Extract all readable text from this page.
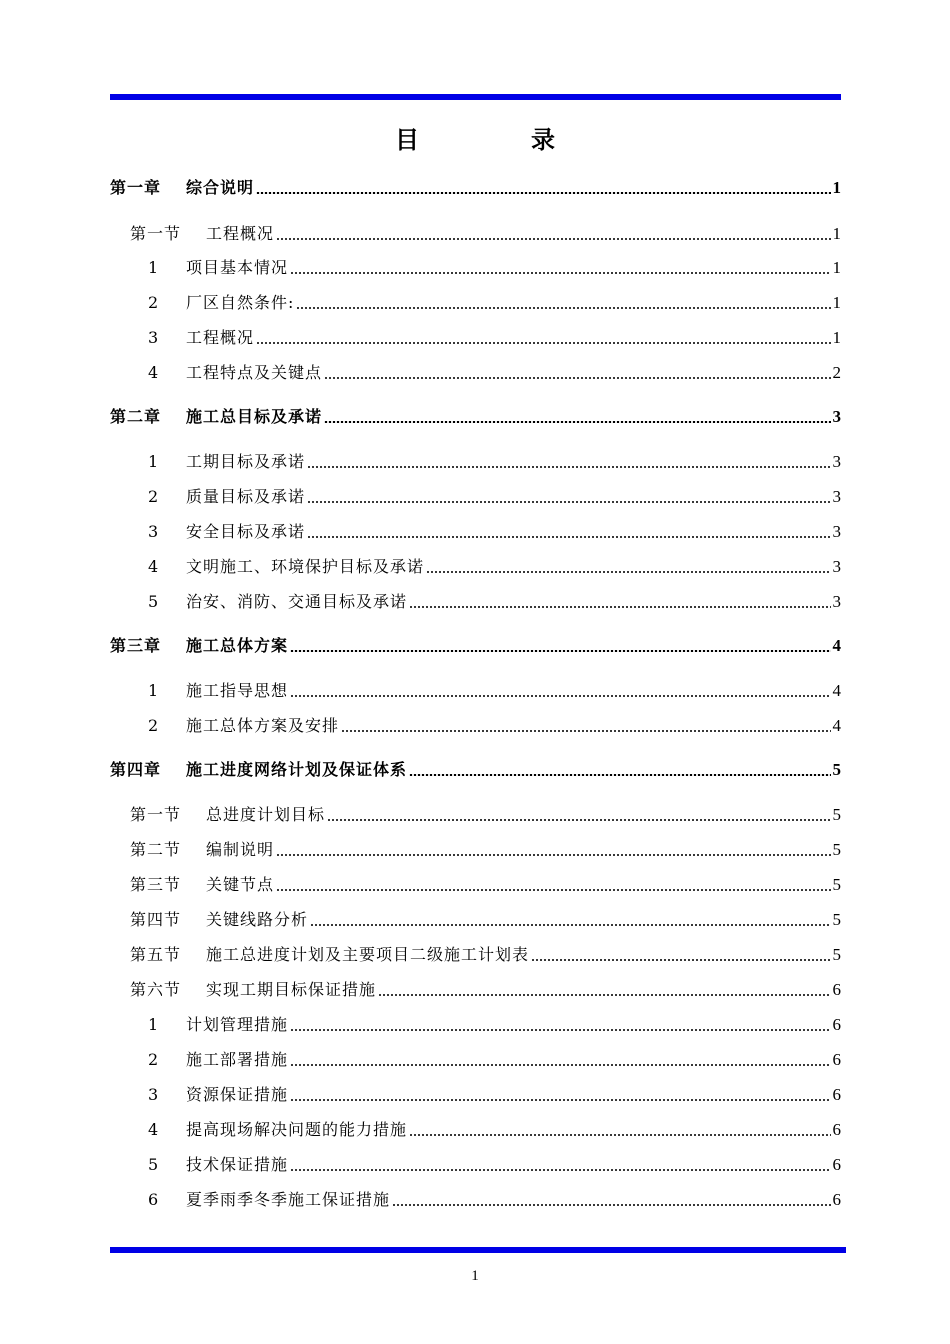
目　录
第一章	综合说明	1
第一节	工程概况	1
1	项目基本情况	1
2	厂区自然条件:	1
3	工程概况	1
4	工程特点及关键点	2
第二章	施工总目标及承诺	3
1	工期目标及承诺	3
2	质量目标及承诺	3
3	安全目标及承诺	3
4	文明施工、环境保护目标及承诺	3
5	治安、消防、交通目标及承诺	3
第三章	施工总体方案	4
1	施工指导思想	4
2	施工总体方案及安排	4
第四章	施工进度网络计划及保证体系	5
第一节	总进度计划目标	5
第二节	编制说明	5
第三节	关键节点	5
第四节	关键线路分析	5
第五节	施工总进度计划及主要项目二级施工计划表	5
第六节	实现工期目标保证措施	6
1	计划管理措施	6
2	施工部署措施	6
3	资源保证措施	6
4	提高现场解决问题的能力措施	6
5	技术保证措施	6
6	夏季雨季冬季施工保证措施	6
1
